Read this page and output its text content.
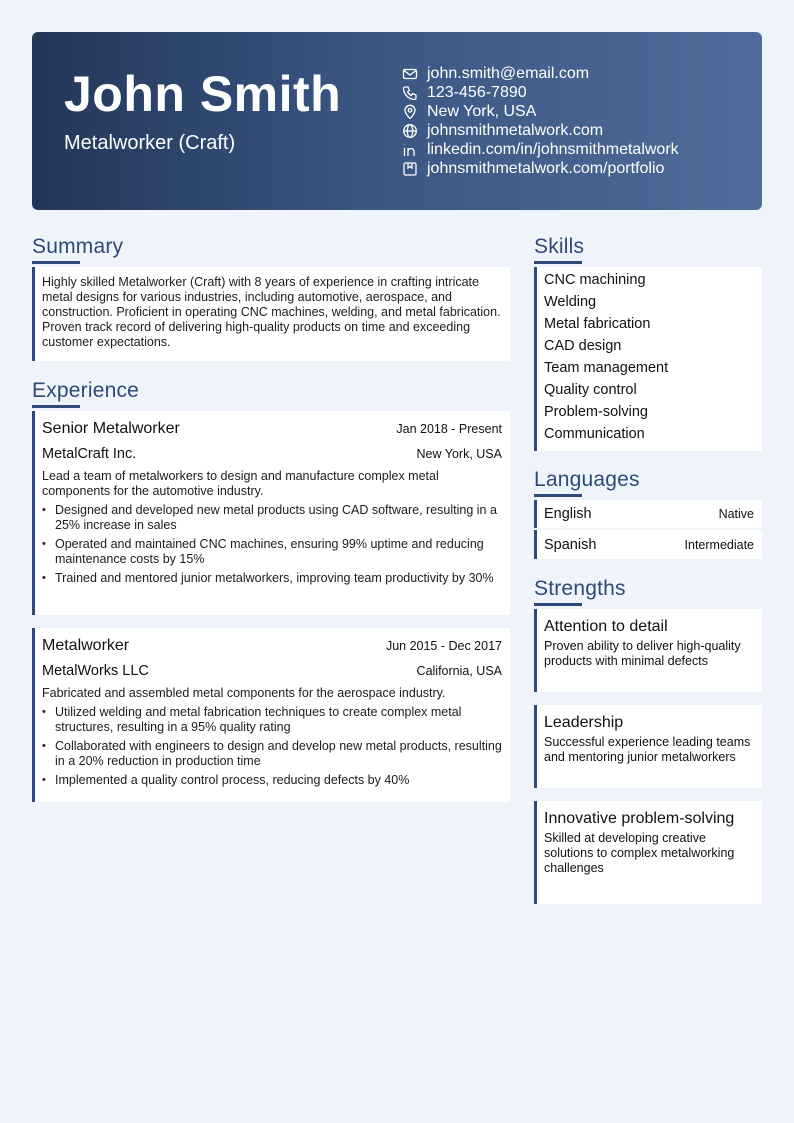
John Smith
Metalworker (Craft)
john.smith@email.com
123-456-7890
New York, USA
johnsmithmetalwork.com
linkedin.com/in/johnsmithmetalwork
johnsmithmetalwork.com/portfolio
Summary
Highly skilled Metalworker (Craft) with 8 years of experience in crafting intricate metal designs for various industries, including automotive, aerospace, and construction. Proficient in operating CNC machines, welding, and metal fabrication. Proven track record of delivering high-quality products on time and exceeding customer expectations.
Experience
Senior Metalworker	Jan 2018 - Present
MetalCraft Inc.	New York, USA
Lead a team of metalworkers to design and manufacture complex metal components for the automotive industry.
• Designed and developed new metal products using CAD software, resulting in a 25% increase in sales
• Operated and maintained CNC machines, ensuring 99% uptime and reducing maintenance costs by 15%
• Trained and mentored junior metalworkers, improving team productivity by 30%
Metalworker	Jun 2015 - Dec 2017
MetalWorks LLC	California, USA
Fabricated and assembled metal components for the aerospace industry.
• Utilized welding and metal fabrication techniques to create complex metal structures, resulting in a 95% quality rating
• Collaborated with engineers to design and develop new metal products, resulting in a 20% reduction in production time
• Implemented a quality control process, reducing defects by 40%
Skills
CNC machining
Welding
Metal fabrication
CAD design
Team management
Quality control
Problem-solving
Communication
Languages
English	Native
Spanish	Intermediate
Strengths
Attention to detail
Proven ability to deliver high-quality products with minimal defects
Leadership
Successful experience leading teams and mentoring junior metalworkers
Innovative problem-solving
Skilled at developing creative solutions to complex metalworking challenges
